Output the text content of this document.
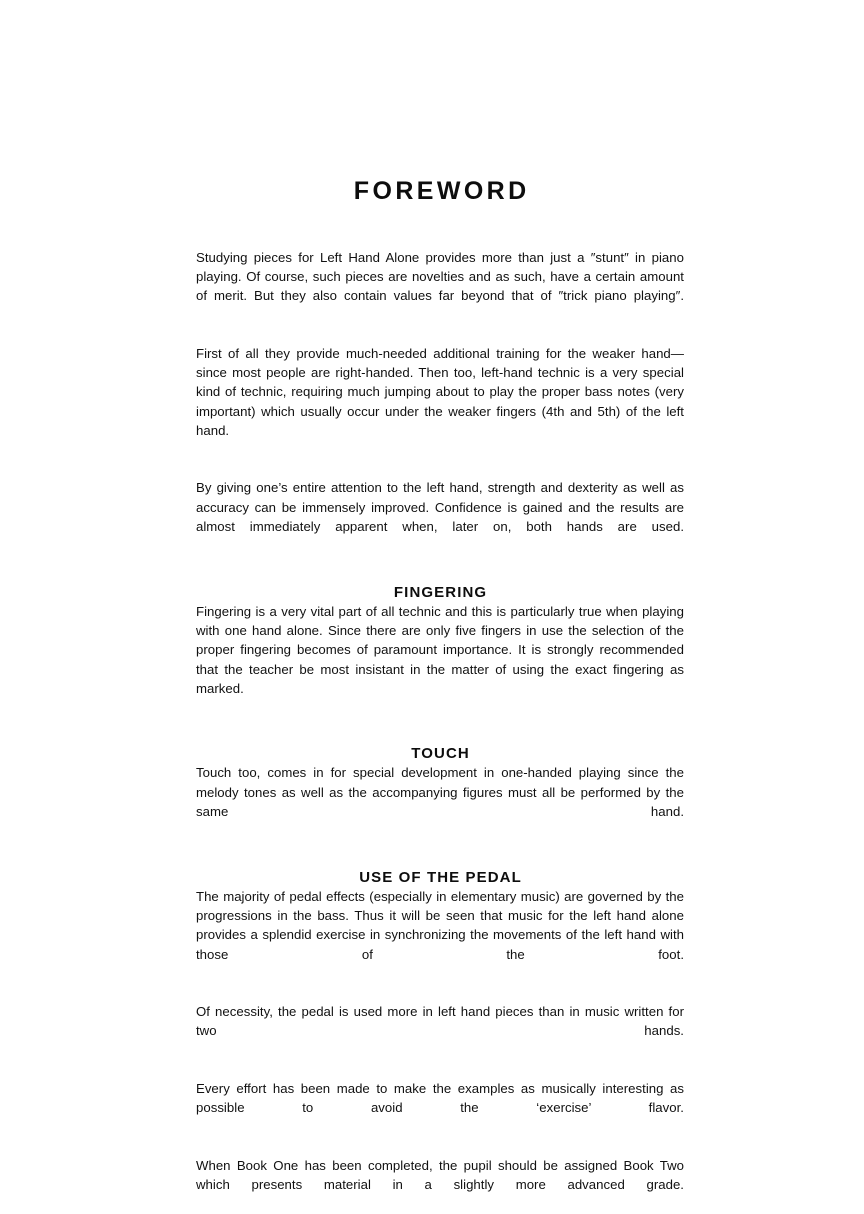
FOREWORD

Studying pieces for Left Hand Alone provides more than just a ″stunt″ in piano playing. Of course, such pieces are novelties and as such, have a certain amount of merit. But they also contain values far beyond that of ″trick piano playing″.

First of all they provide much-needed additional training for the weaker hand—since most people are right-handed. Then too, left-hand technic is a very special kind of technic, requiring much jumping about to play the proper bass notes (very important) which usually occur under the weaker fingers (4th and 5th) of the left hand.

By giving one’s entire attention to the left hand, strength and dexterity as well as accuracy can be immensely improved. Confidence is gained and the results are almost immediately apparent when, later on, both hands are used.

FINGERING

Fingering is a very vital part of all technic and this is particularly true when playing with one hand alone. Since there are only five fingers in use the selection of the proper fingering becomes of paramount importance. It is strongly recommended that the teacher be most insistant in the matter of using the exact fingering as marked.

TOUCH

Touch too, comes in for special development in one-handed playing since the melody tones as well as the accompanying figures must all be performed by the same hand.

USE OF THE PEDAL

The majority of pedal effects (especially in elementary music) are governed by the progressions in the bass. Thus it will be seen that music for the left hand alone provides a splendid exercise in synchronizing the movements of the left hand with those of the foot.

Of necessity, the pedal is used more in left hand pieces than in music written for two hands.

Every effort has been made to make the examples as musically interesting as possible to avoid the ‘exercise’ flavor.

When Book One has been completed, the pupil should be assigned Book Two which presents material in a slightly more advanced grade.
